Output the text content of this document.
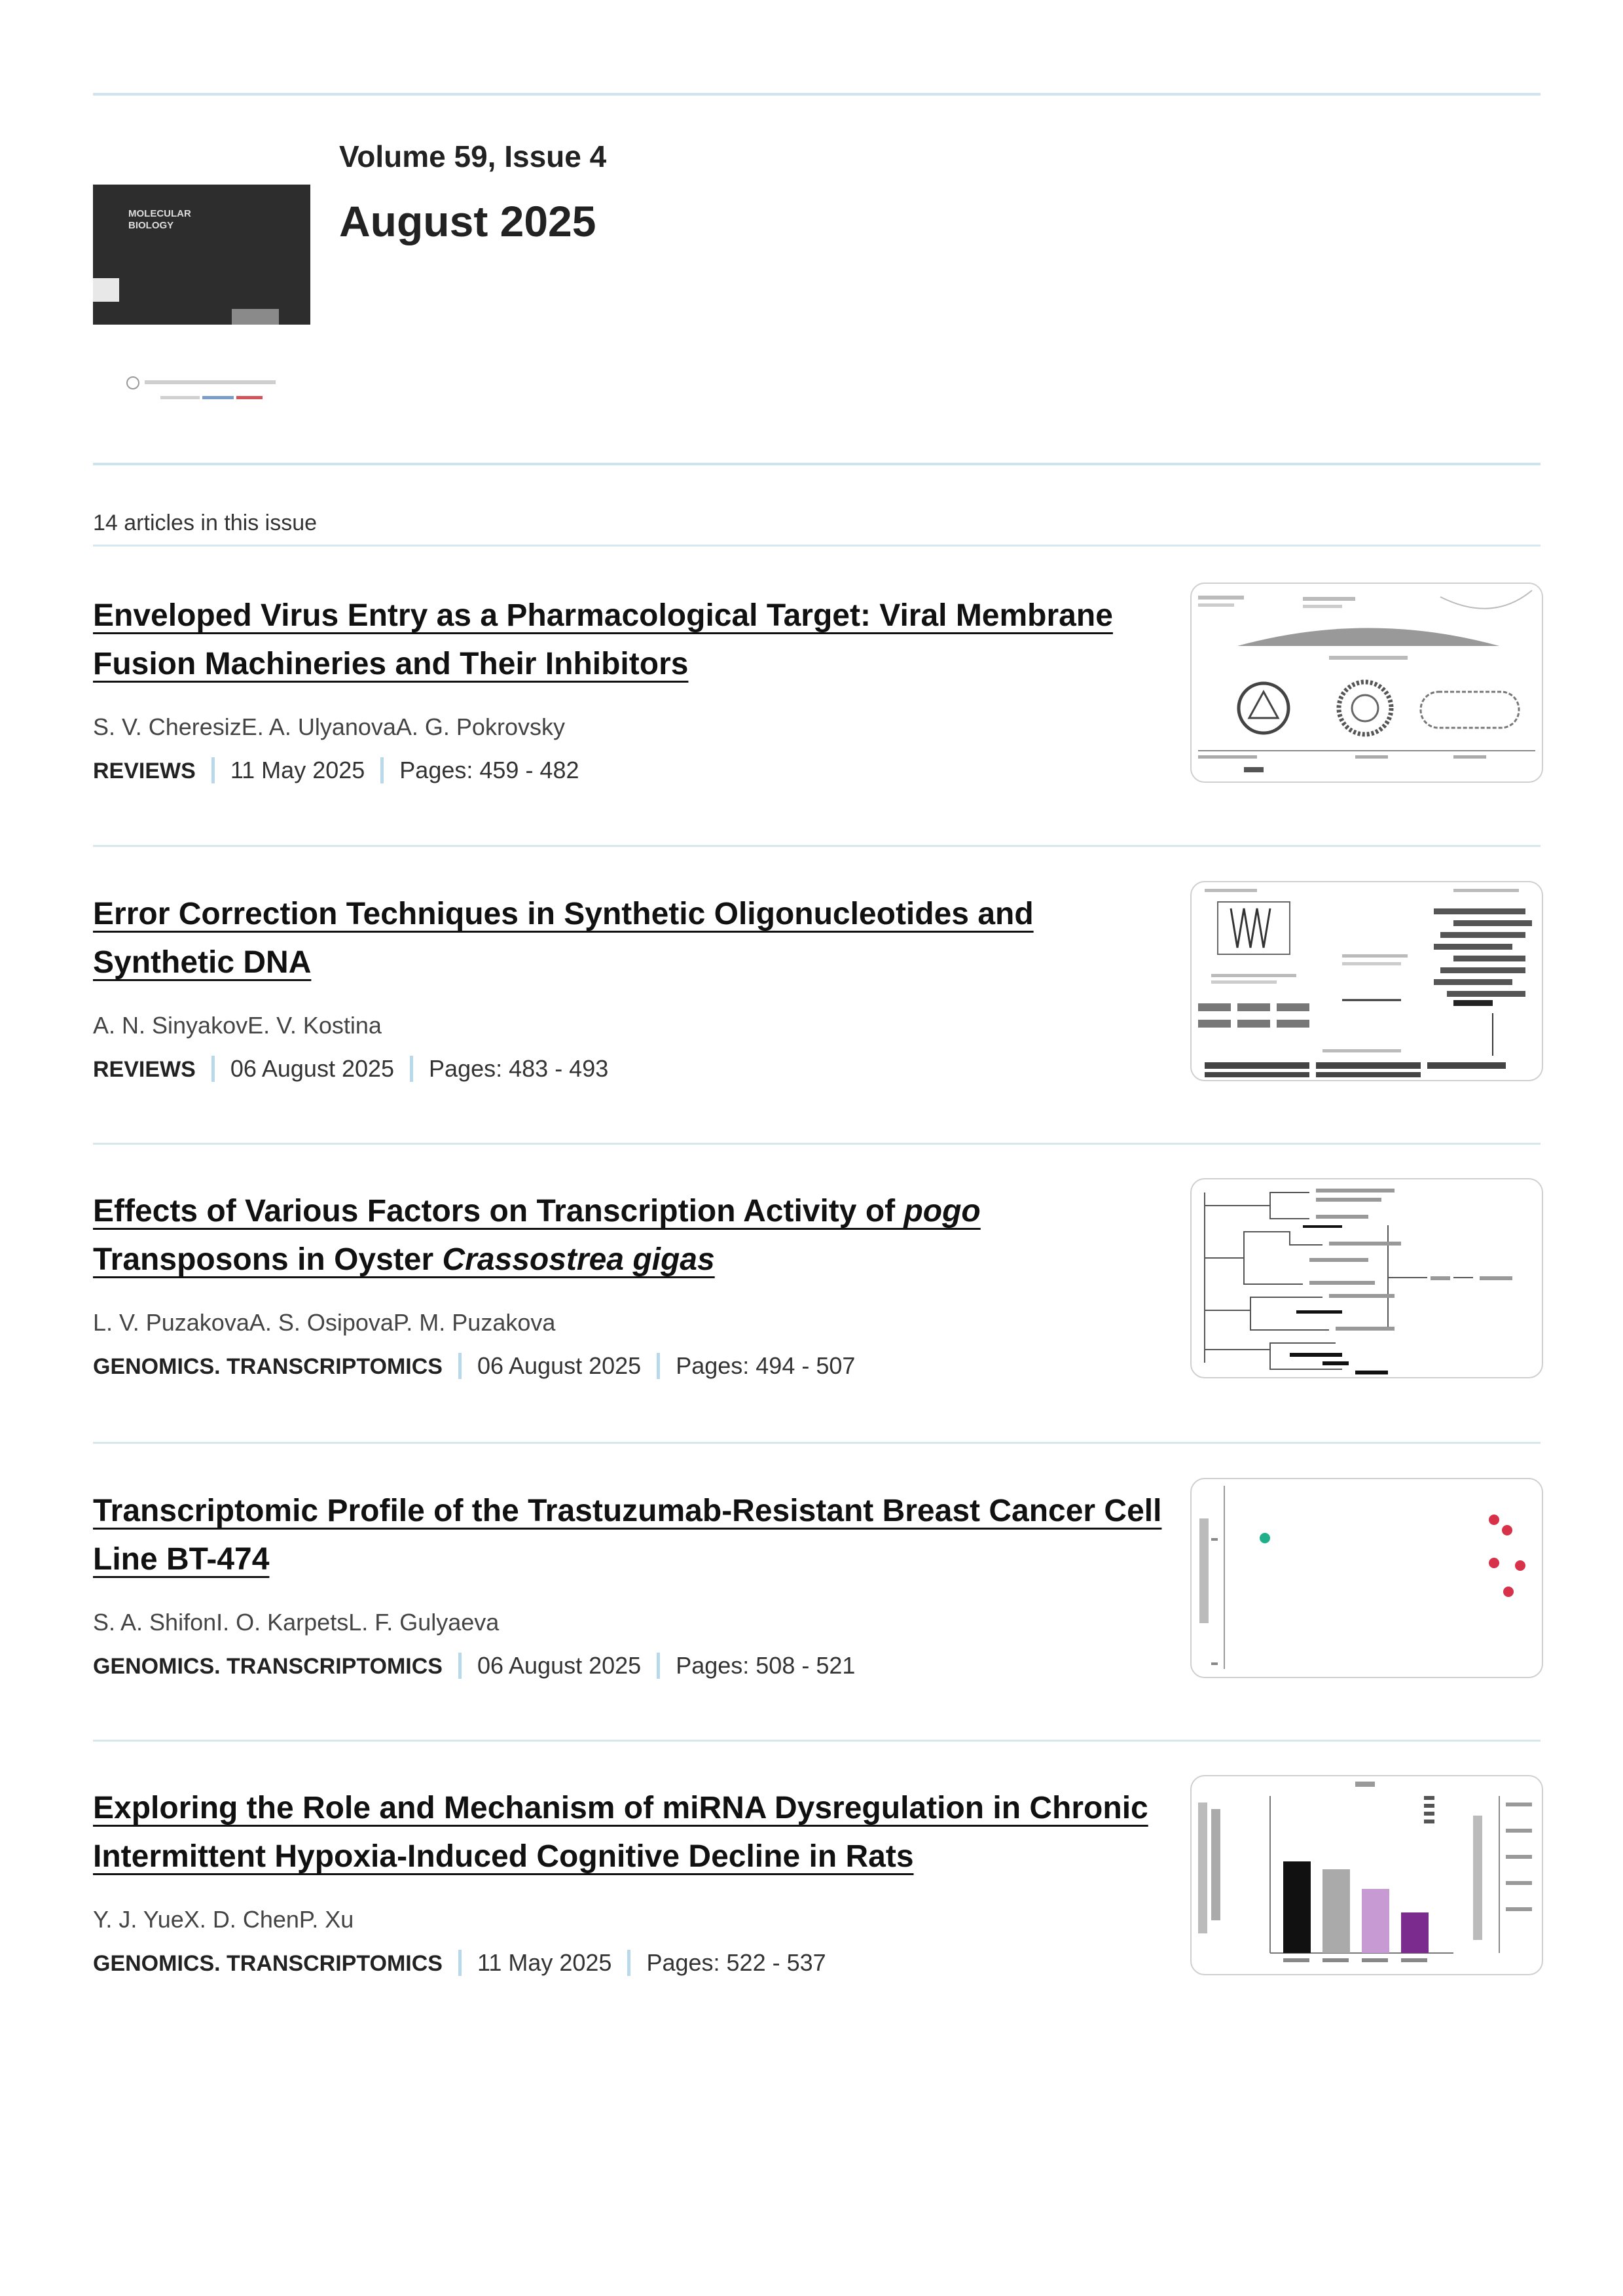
MOLECULAR BIOLOGY
Volume 59, Issue 4
August 2025
14 articles in this issue
Enveloped Virus Entry as a Pharmacological Target: Viral Membrane Fusion Machineries and Their Inhibitors
S. V. CheresizE. A. UlyanovaA. G. Pokrovsky
REVIEWS 11 May 2025 Pages: 459 - 482
Error Correction Techniques in Synthetic Oligonucleotides and Synthetic DNA
A. N. SinyakovE. V. Kostina
REVIEWS 06 August 2025 Pages: 483 - 493
Effects of Various Factors on Transcription Activity of pogo Transposons in Oyster Crassostrea gigas
L. V. PuzakovaA. S. OsipovaP. M. Puzakova
GENOMICS. TRANSCRIPTOMICS 06 August 2025 Pages: 494 - 507
Transcriptomic Profile of the Trastuzumab-Resistant Breast Cancer Cell Line BT-474
S. A. ShifonI. O. KarpetsL. F. Gulyaeva
GENOMICS. TRANSCRIPTOMICS 06 August 2025 Pages: 508 - 521
Exploring the Role and Mechanism of miRNA Dysregulation in Chronic Intermittent Hypoxia-Induced Cognitive Decline in Rats
Y. J. YueX. D. ChenP. Xu
GENOMICS. TRANSCRIPTOMICS 11 May 2025 Pages: 522 - 537
